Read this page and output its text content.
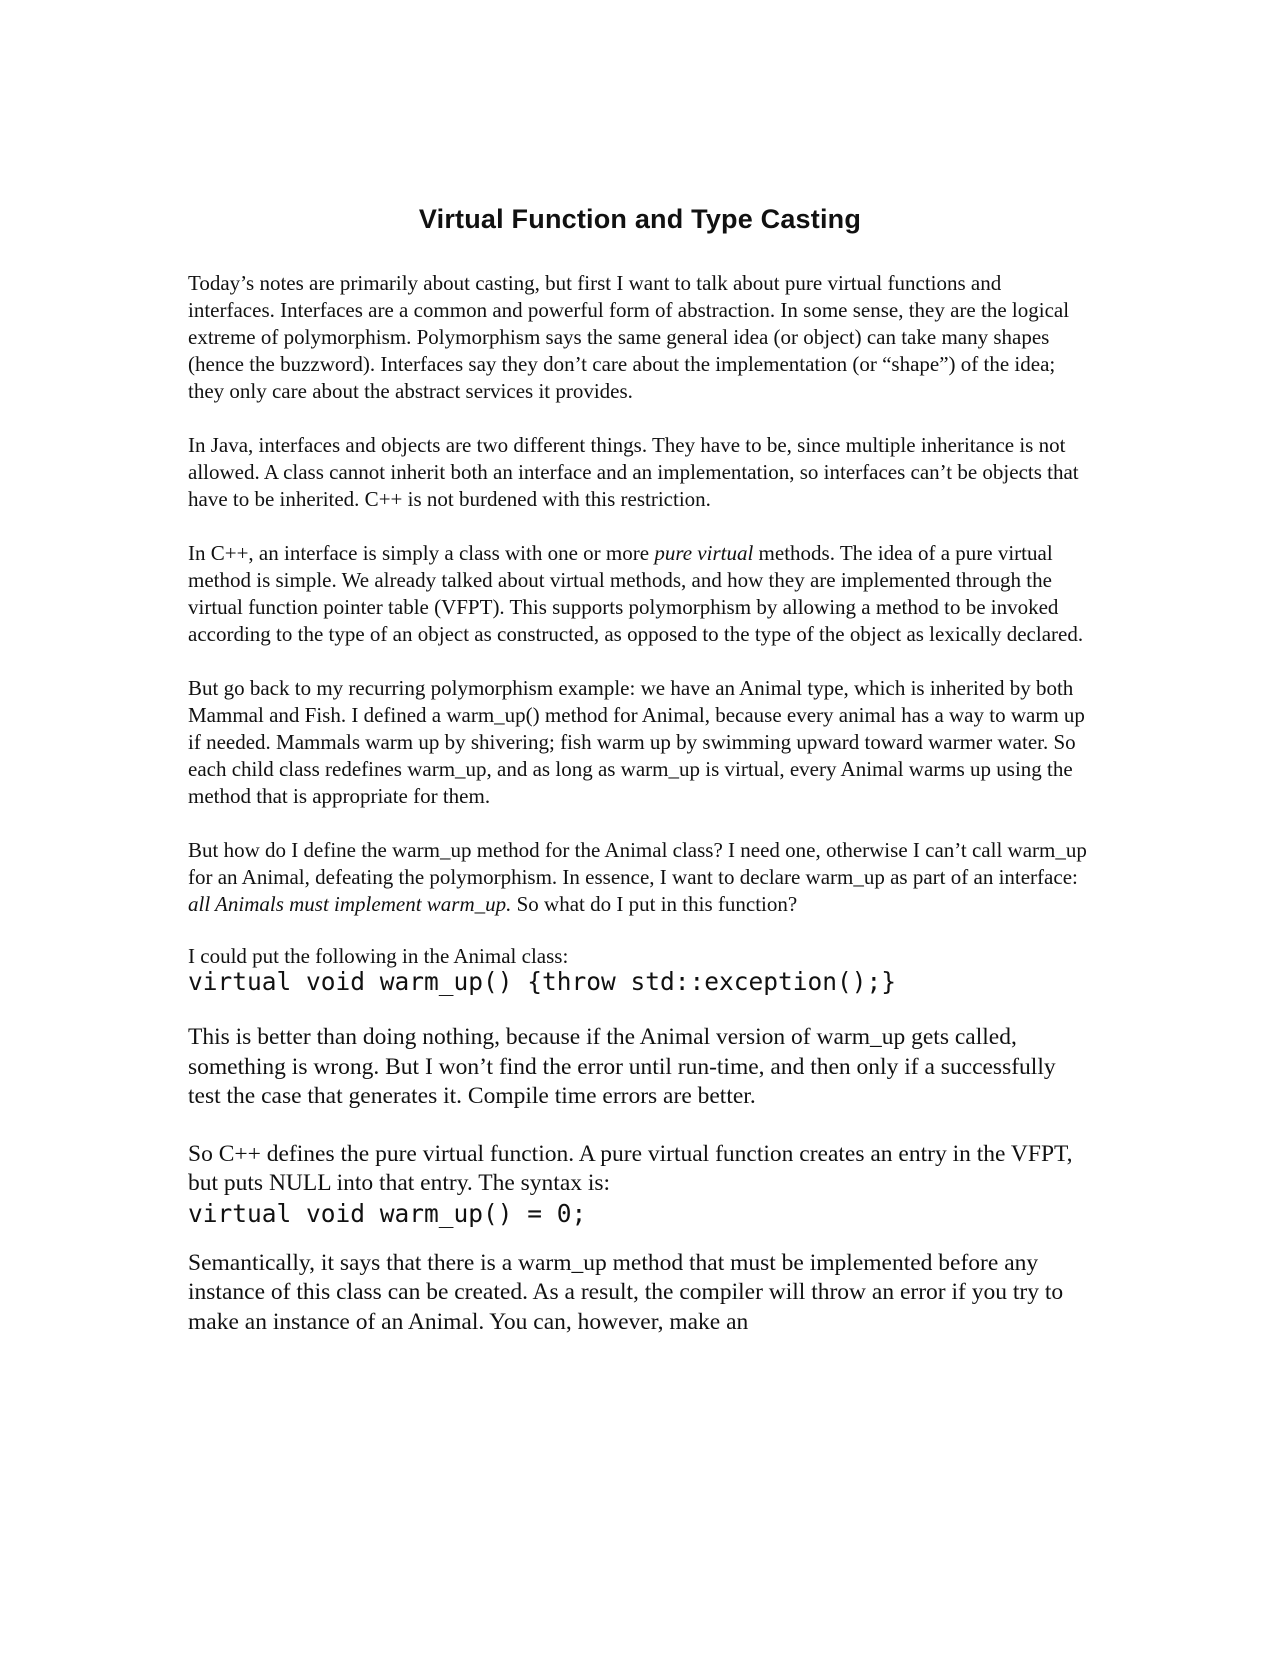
Virtual Function and Type Casting

Today’s notes are primarily about casting, but first I want to talk about pure virtual functions and interfaces. Interfaces are a common and powerful form of abstraction. In some sense, they are the logical extreme of polymorphism. Polymorphism says the same general idea (or object) can take many shapes (hence the buzzword). Interfaces say they don’t care about the implementation (or “shape”) of the idea; they only care about the abstract services it provides.

In Java, interfaces and objects are two different things. They have to be, since multiple inheritance is not allowed. A class cannot inherit both an interface and an implementation, so interfaces can’t be objects that have to be inherited. C++ is not burdened with this restriction.

In C++, an interface is simply a class with one or more pure virtual methods. The idea of a pure virtual method is simple. We already talked about virtual methods, and how they are implemented through the virtual function pointer table (VFPT). This supports polymorphism by allowing a method to be invoked according to the type of an object as constructed, as opposed to the type of the object as lexically declared.

But go back to my recurring polymorphism example: we have an Animal type, which is inherited by both Mammal and Fish. I defined a warm_up() method for Animal, because every animal has a way to warm up if needed. Mammals warm up by shivering; fish warm up by swimming upward toward warmer water. So each child class redefines warm_up, and as long as warm_up is virtual, every Animal warms up using the method that is appropriate for them.

But how do I define the warm_up method for the Animal class? I need one, otherwise I can’t call warm_up for an Animal, defeating the polymorphism. In essence, I want to declare warm_up as part of an interface: all Animals must implement warm_up. So what do I put in this function?

I could put the following in the Animal class:

virtual void warm_up() {throw std::exception();}

This is better than doing nothing, because if the Animal version of warm_up gets called, something is wrong. But I won’t find the error until run-time, and then only if a successfully test the case that generates it. Compile time errors are better.

So C++ defines the pure virtual function. A pure virtual function creates an entry in the VFPT, but puts NULL into that entry. The syntax is:

virtual void warm_up() = 0;

Semantically, it says that there is a warm_up method that must be implemented before any instance of this class can be created. As a result, the compiler will throw an error if you try to make an instance of an Animal. You can, however, make an
